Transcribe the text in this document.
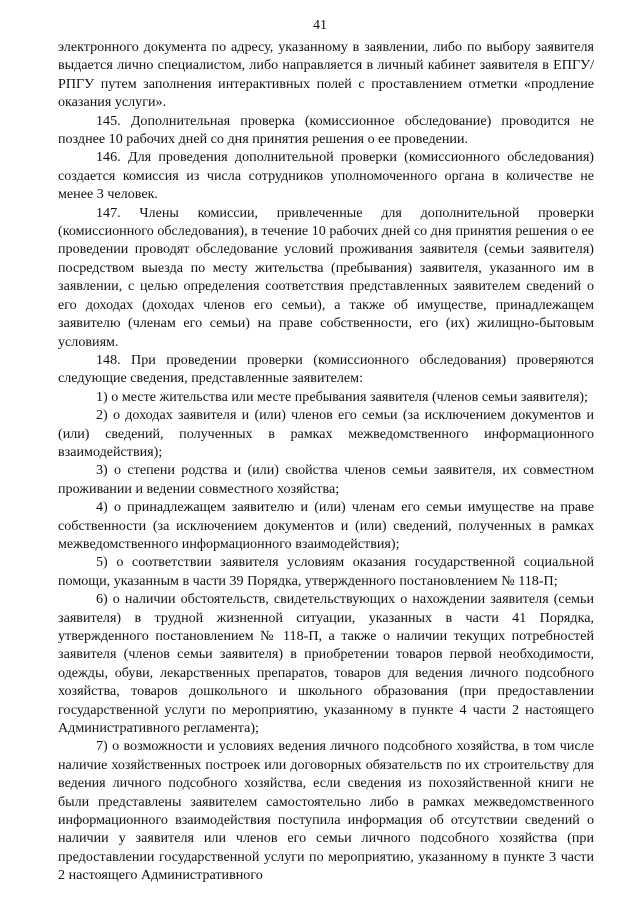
41

электронного документа по адресу, указанному в заявлении, либо по выбору заявителя выдается лично специалистом, либо направляется в личный кабинет заявителя в ЕПГУ/РПГУ путем заполнения интерактивных полей с проставлением отметки «продление оказания услуги».

145. Дополнительная проверка (комиссионное обследование) проводится не позднее 10 рабочих дней со дня принятия решения о ее проведении.

146. Для проведения дополнительной проверки (комиссионного обследования) создается комиссия из числа сотрудников уполномоченного органа в количестве не менее 3 человек.

147. Члены комиссии, привлеченные для дополнительной проверки (комиссионного обследования), в течение 10 рабочих дней со дня принятия решения о ее проведении проводят обследование условий проживания заявителя (семьи заявителя) посредством выезда по месту жительства (пребывания) заявителя, указанного им в заявлении, с целью определения соответствия представленных заявителем сведений о его доходах (доходах членов его семьи), а также об имуществе, принадлежащем заявителю (членам его семьи) на праве собственности, его (их) жилищно-бытовым условиям.

148. При проведении проверки (комиссионного обследования) проверяются следующие сведения, представленные заявителем:

1) о месте жительства или месте пребывания заявителя (членов семьи заявителя);

2) о доходах заявителя и (или) членов его семьи (за исключением документов и (или) сведений, полученных в рамках межведомственного информационного взаимодействия);

3) о степени родства и (или) свойства членов семьи заявителя, их совместном проживании и ведении совместного хозяйства;

4) о принадлежащем заявителю и (или) членам его семьи имуществе на праве собственности (за исключением документов и (или) сведений, полученных в рамках межведомственного информационного взаимодействия);

5) о соответствии заявителя условиям оказания государственной социальной помощи, указанным в части 39 Порядка, утвержденного постановлением № 118-П;

6) о наличии обстоятельств, свидетельствующих о нахождении заявителя (семьи заявителя) в трудной жизненной ситуации, указанных в части 41 Порядка, утвержденного постановлением № 118-П, а также о наличии текущих потребностей заявителя (членов семьи заявителя) в приобретении товаров первой необходимости, одежды, обуви, лекарственных препаратов, товаров для ведения личного подсобного хозяйства, товаров дошкольного и школьного образования (при предоставлении государственной услуги по мероприятию, указанному в пункте 4 части 2 настоящего Административного регламента);

7) о возможности и условиях ведения личного подсобного хозяйства, в том числе наличие хозяйственных построек или договорных обязательств по их строительству для ведения личного подсобного хозяйства, если сведения из похозяйственной книги не были представлены заявителем самостоятельно либо в рамках межведомственного информационного взаимодействия поступила информация об отсутствии сведений о наличии у заявителя или членов его семьи личного подсобного хозяйства (при предоставлении государственной услуги по мероприятию, указанному в пункте 3 части 2 настоящего Административного
